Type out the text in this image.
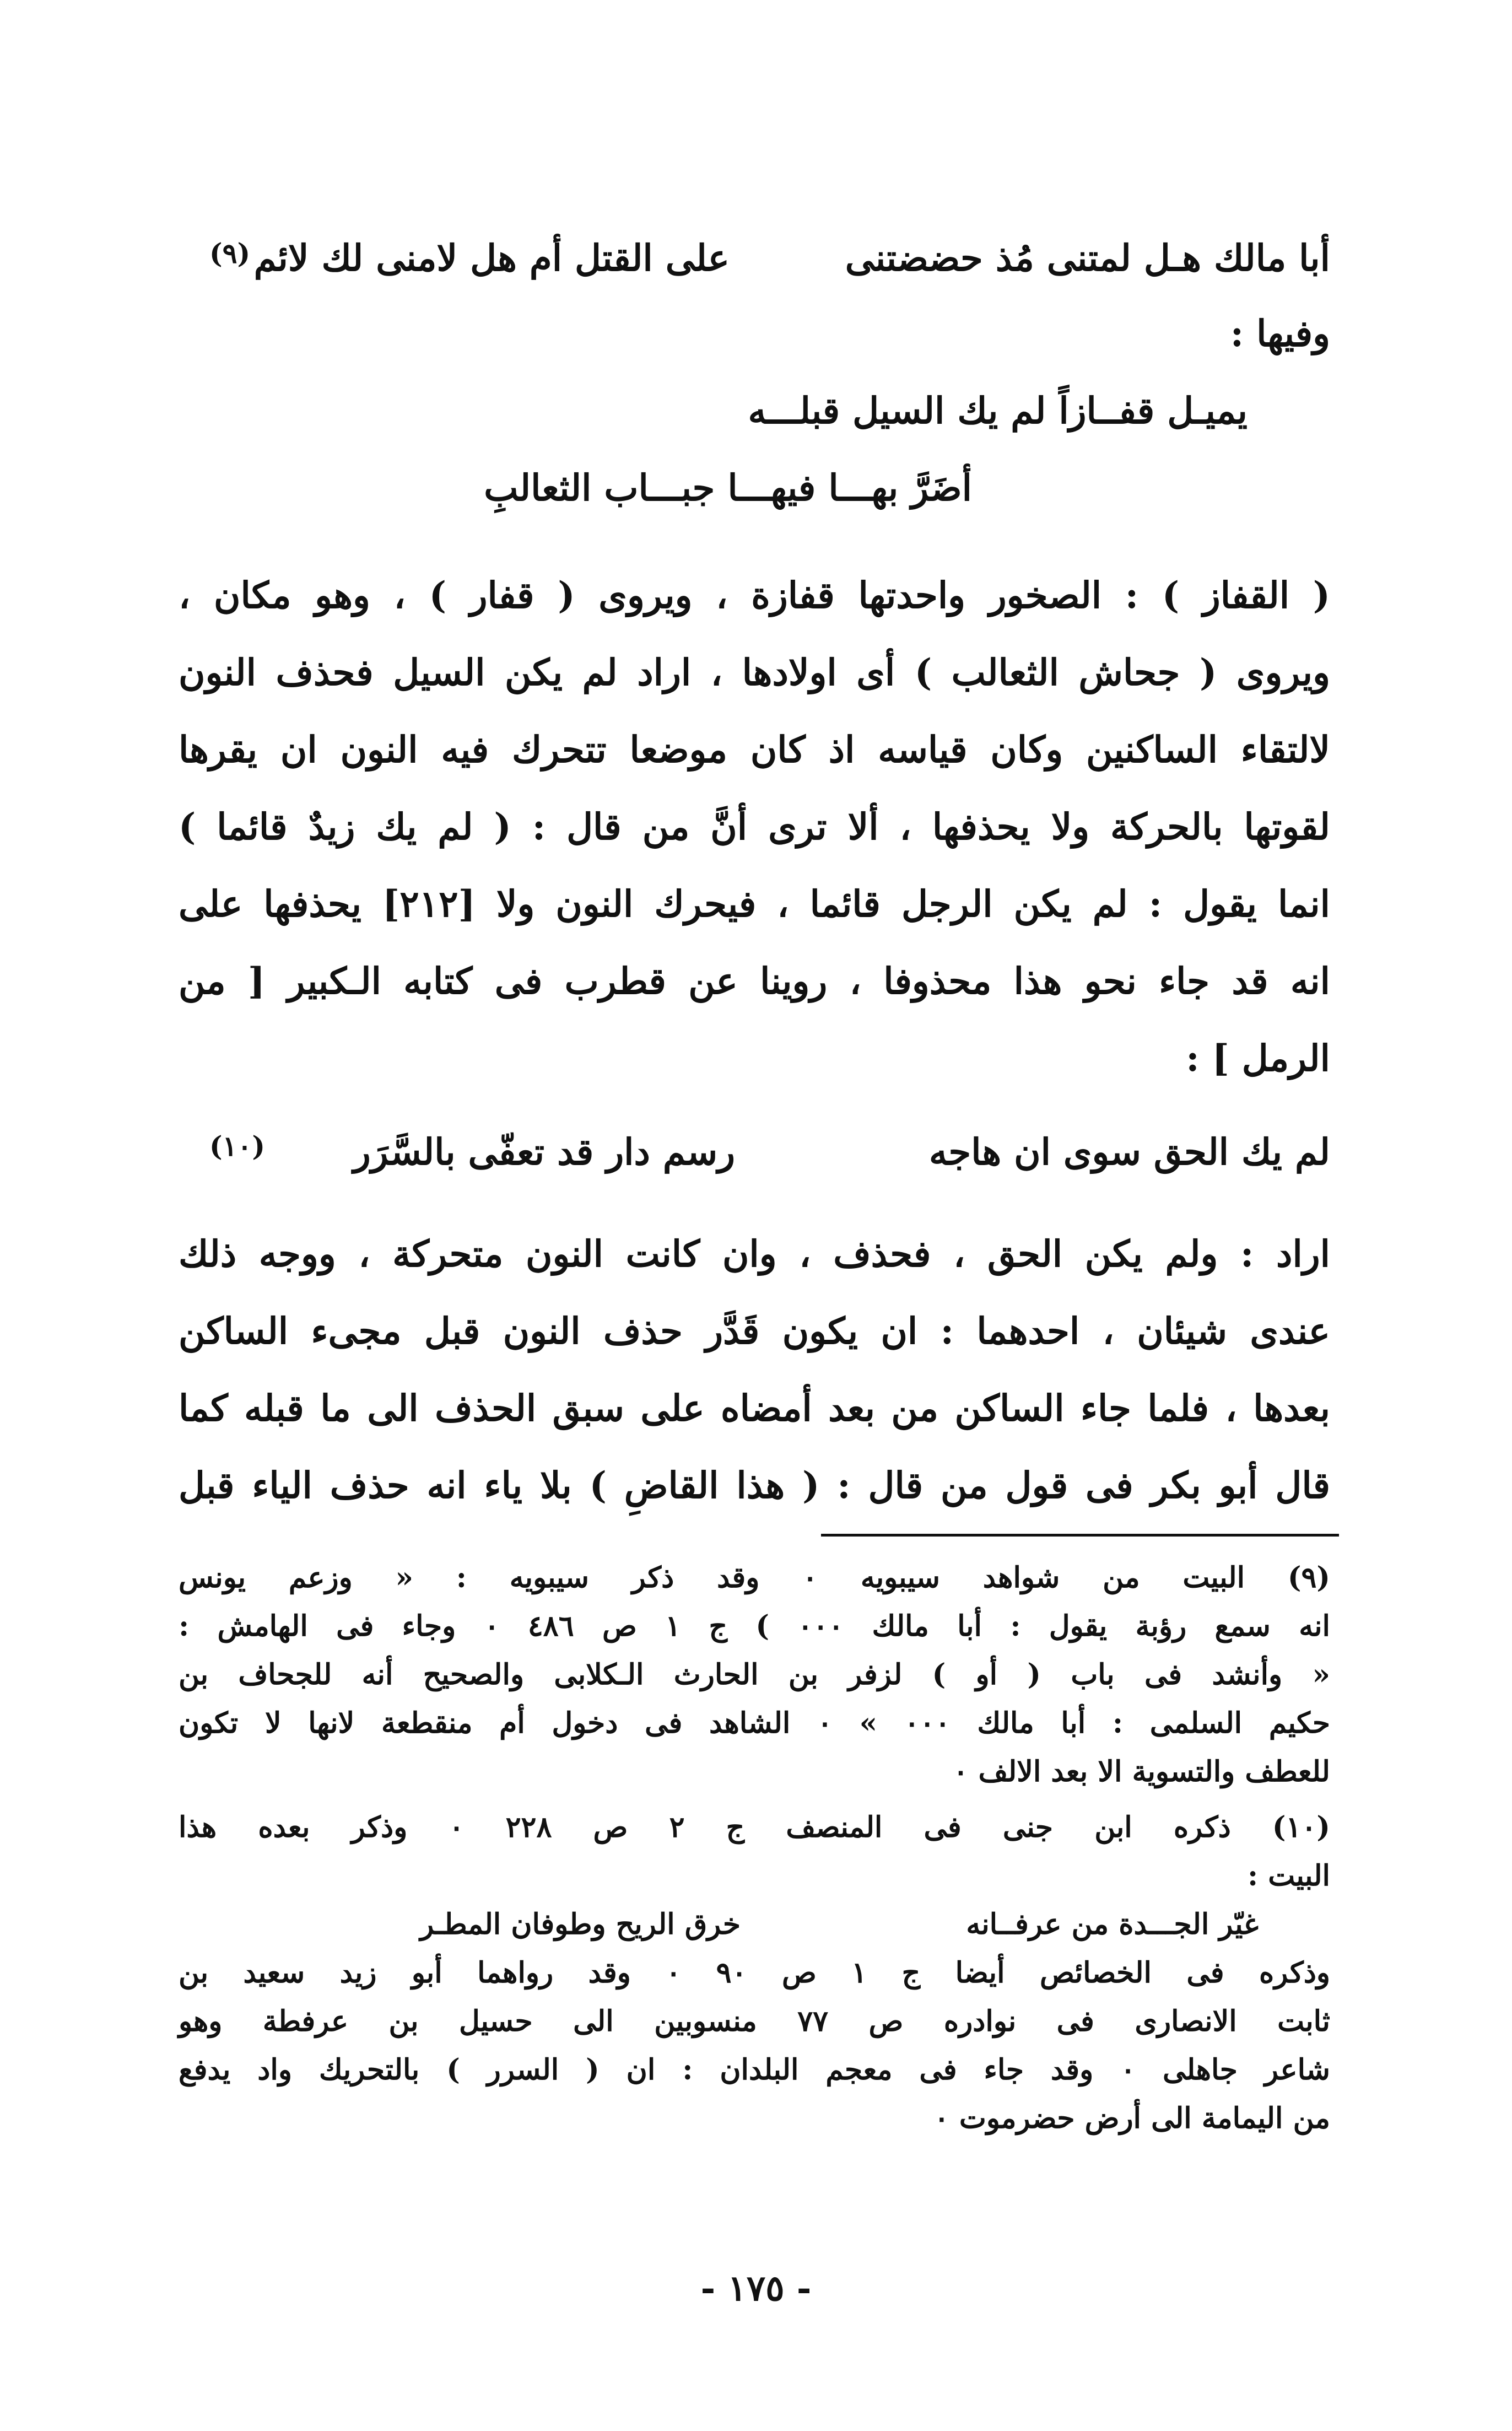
أبا مالك هـل لمتنى مُذ حضضتنى
على القتل أم هل لامنى لك لائم
(٩)
وفيها :
يميـل قفــازاً لم يك السيل قبلـــه
أضَرَّ بهـــا فيهـــا جبـــاب الثعالبِ
( القفاز ) : الصخور واحدتها قفازة ، ويروى ( قفار ) ، وهو مكان ،
ويروى ( جحاش الثعالب ) أى اولادها ، اراد لم يكن السيل فحذف النون
لالتقاء الساكنين وكان قياسه اذ كان موضعا تتحرك فيه النون ان يقرها
لقوتها بالحركة ولا يحذفها ، ألا ترى أنَّ من قال : ( لم يك زيدٌ قائما )
انما يقول : لم يكن الرجل قائما ، فيحرك النون ولا [٢١٢] يحذفها على
انه قد جاء نحو هذا محذوفا ، روينا عن قطرب فى كتابه الـكبير [ من
الرمل ] :
لم يك الحق سوى ان هاجه
رسم دار قد تعفّى بالسَّرَر
(١٠)
اراد : ولم يكن الحق ، فحذف ، وان كانت النون متحركة ، ووجه ذلك
عندى شيئان ، احدهما : ان يكون قَدَّر حذف النون قبل مجىء الساكن
بعدها ، فلما جاء الساكن من بعد أمضاه على سبق الحذف الى ما قبله كما
قال أبو بكر فى قول من قال : ( هذا القاضِ ) بلا ياء انه حذف الياء قبل
(٩) البيت من شواهد سيبويه ٠ وقد ذكر سيبويه : « وزعم يونس
انه سمع رؤبة يقول : أبا مالك ٠٠٠ ) ج ١ ص ٤٨٦ ٠ وجاء فى الهامش :
« وأنشد فى باب ( أو ) لزفر بن الحارث الـكلابى والصحيح أنه للجحاف بن
حكيم السلمى : أبا مالك ٠٠٠ » ٠ الشاهد فى دخول أم منقطعة لانها لا تكون
للعطف والتسوية الا بعد الالف ٠
(١٠) ذكره ابن جنى فى المنصف ج ٢ ص ٢٢٨ ٠ وذكر بعده هذا
البيت :
غيّر الجـــدة من عرفــانه
خرق الريح وطوفان المطـر
وذكره فى الخصائص أيضا ج ١ ص ٩٠ ٠ وقد رواهما أبو زيد سعيد بن
ثابت الانصارى فى نوادره ص ٧٧ منسوبين الى حسيل بن عرفطة وهو
شاعر جاهلى ٠ وقد جاء فى معجم البلدان : ان ( السرر ) بالتحريك واد يدفع
من اليمامة الى أرض حضرموت ٠
- ١٧٥ -
